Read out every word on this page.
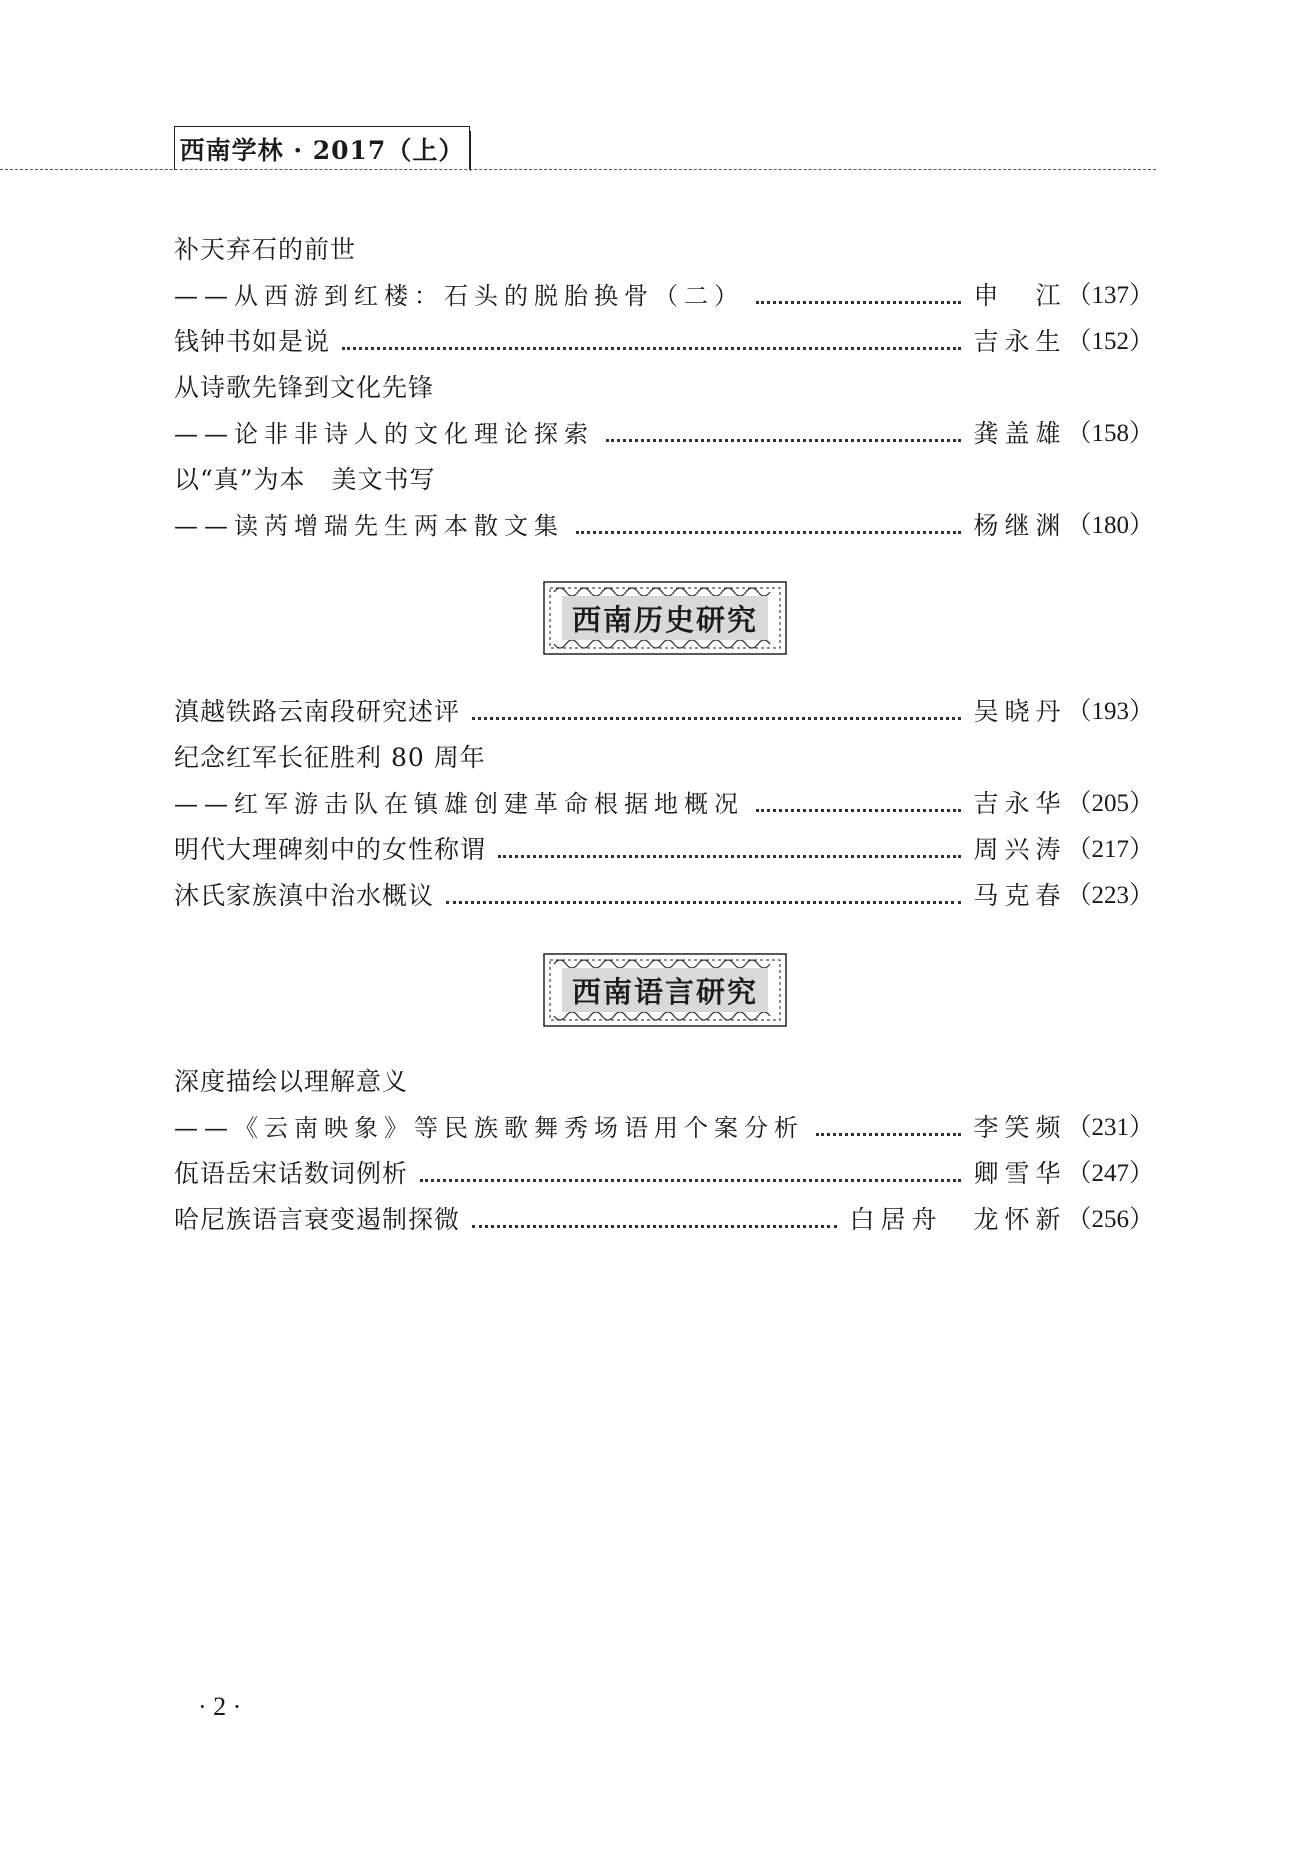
西南学林 · 2017（上）
补天弃石的前世
——从西游到红楼：石头的脱胎换骨（二）	申　江 （137）
钱钟书如是说	吉永生 （152）
从诗歌先锋到文化先锋
——论非非诗人的文化理论探索	龚盖雄 （158）
以“真”为本　美文书写
——读芮增瑞先生两本散文集	杨继渊 （180）
西南历史研究
滇越铁路云南段研究述评	吴晓丹 （193）
纪念红军长征胜利 80 周年
——红军游击队在镇雄创建革命根据地概况	吉永华 （205）
明代大理碑刻中的女性称谓	周兴涛 （217）
沐氏家族滇中治水概议	马克春 （223）
西南语言研究
深度描绘以理解意义
——《云南映象》等民族歌舞秀场语用个案分析	李笑频 （231）
佤语岳宋话数词例析	卿雪华 （247）
哈尼族语言衰变遏制探微	白居舟　龙怀新 （256）
· 2 ·
